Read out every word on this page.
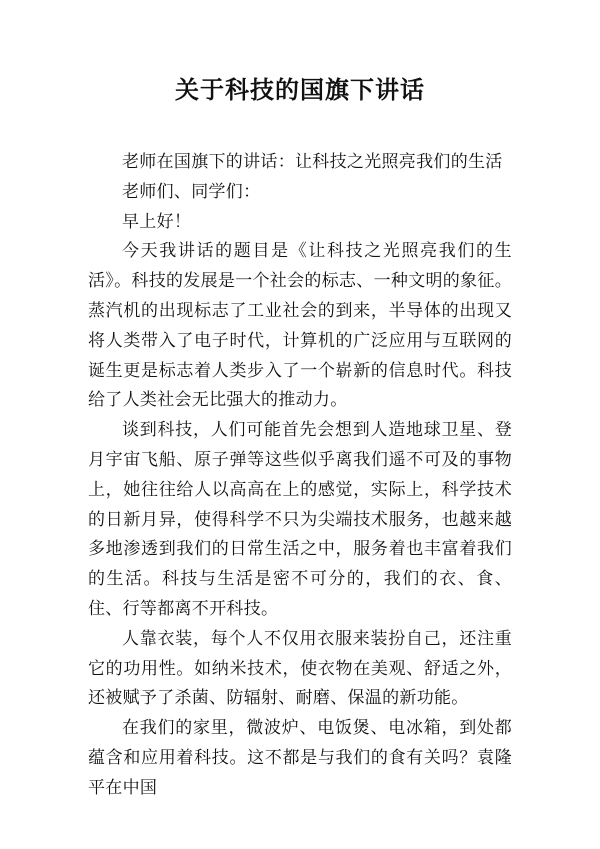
关于科技的国旗下讲话

老师在国旗下的讲话：让科技之光照亮我们的生活

老师们、同学们：

早上好！

今天我讲话的题目是《让科技之光照亮我们的生活》。科技的发展是一个社会的标志、一种文明的象征。蒸汽机的出现标志了工业社会的到来，半导体的出现又将人类带入了电子时代，计算机的广泛应用与互联网的诞生更是标志着人类步入了一个崭新的信息时代。科技给了人类社会无比强大的推动力。

谈到科技，人们可能首先会想到人造地球卫星、登月宇宙飞船、原子弹等这些似乎离我们遥不可及的事物上，她往往给人以高高在上的感觉，实际上，科学技术的日新月异，使得科学不只为尖端技术服务，也越来越多地渗透到我们的日常生活之中，服务着也丰富着我们的生活。科技与生活是密不可分的，我们的衣、食、住、行等都离不开科技。

人靠衣装，每个人不仅用衣服来装扮自己，还注重它的功用性。如纳米技术，使衣物在美观、舒适之外，还被赋予了杀菌、防辐射、耐磨、保温的新功能。

在我们的家里，微波炉、电饭煲、电冰箱，到处都蕴含和应用着科技。这不都是与我们的食有关吗？袁隆平在中国
